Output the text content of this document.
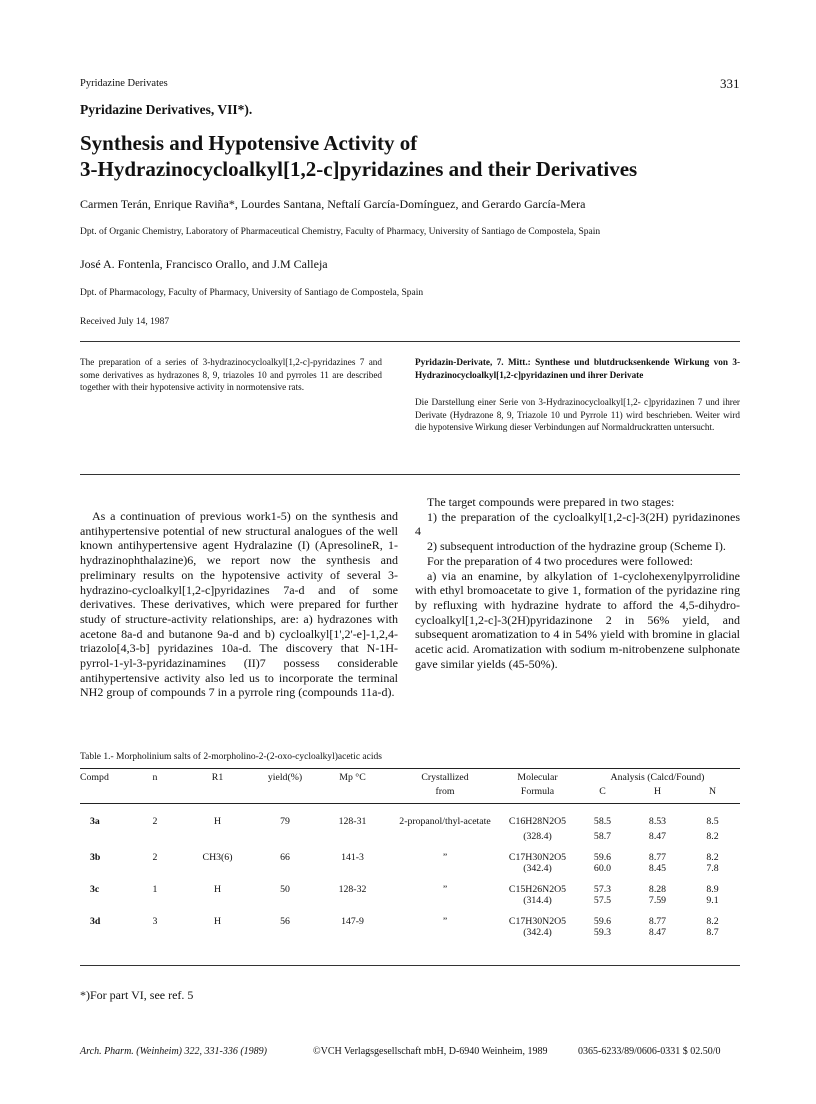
Pyridazine Derivates	331
Pyridazine Derivatives, VII*).
Synthesis and Hypotensive Activity of
3-Hydrazinocycloalkyl[1,2-c]pyridazines and their Derivatives
Carmen Terán, Enrique Raviña*, Lourdes Santana, Neftalí García-Domínguez, and Gerardo García-Mera
Dpt. of Organic Chemistry, Laboratory of Pharmaceutical Chemistry, Faculty of Pharmacy, University of Santiago de Compostela, Spain
José A. Fontenla, Francisco Orallo, and J.M Calleja
Dpt. of Pharmacology, Faculty of Pharmacy, University of Santiago de Compostela, Spain
Received July 14, 1987
The preparation of a series of 3-hydrazinocycloalkyl[1,2-c]-pyridazines 7 and some derivatives as hydrazones 8, 9, triazoles 10 and pyrroles 11 are described together with their hypotensive activity in normotensive rats.
Pyridazin-Derivate, 7. Mitt.: Synthese und blutdrucksenkende Wirkung von 3-Hydrazinocycloalkyl[1,2-c]pyridazinen und ihrer Derivate
Die Darstellung einer Serie von 3-Hydrazinocycloalkyl[1,2- c]pyridazinen 7 und ihrer Derivate (Hydrazone 8, 9, Triazole 10 und Pyrrole 11) wird beschrieben. Weiter wird die hypotensive Wirkung dieser Verbindungen auf Normaldruckratten untersucht.
As a continuation of previous work1-5) on the synthesis and antihypertensive potential of new structural analogues of the well known antihypertensive agent Hydralazine (I) (ApresolineR, 1-hydrazinophthalazine)6, we report now the synthesis and preliminary results on the hypotensive activity of several 3-hydrazino-cycloalkyl[1,2-c]pyridazines 7a-d and of some derivatives. These derivatives, which were prepared for further study of structure-activity relationships, are: a) hydrazones with acetone 8a-d and butanone 9a-d and b) cycloalkyl[1',2'-e]-1,2,4-triazolo[4,3-b] pyridazines 10a-d. The discovery that N-1H-pyrrol-1-yl-3-pyridazinamines (II)7 possess considerable antihypertensive activity also led us to incorporate the terminal NH2 group of compounds 7 in a pyrrole ring (compounds 11a-d).

The target compounds were prepared in two stages:

1) the preparation of the cycloalkyl[1,2-c]-3(2H) pyridazinones 4

2) subsequent introduction of the hydrazine group (Scheme I).

For the preparation of 4 two procedures were followed:

a) via an enamine, by alkylation of 1-cyclohexenylpyrrolidine with ethyl bromoacetate to give 1, formation of the pyridazine ring by refluxing with hydrazine hydrate to afford the 4,5-dihydro-cycloalkyl[1,2-c]-3(2H)pyridazinone 2 in 56% yield, and subsequent aromatization to 4 in 54% yield with bromine in glacial acetic acid. Aromatization with sodium m-nitrobenzene sulphonate gave similar yields (45-50%).

Table 1.- Morpholinium salts of 2-morpholino-2-(2-oxo-cycloalkyl)acetic acids
Compd	n	R1	yield(%)	Mp °C	Crystallized	Molecular	Analysis (Calcd/Found)		
					from	Formula	C	H	N
3a	2	H	79	128-31	2-propanol/thyl-acetate	C16H28N2O5	58.5	8.53	8.5
						(328.4)	58.7	8.47	8.2
3b	2	CH3(6)	66	141-3	”	C17H30N2O5	59.6	8.77	8.2
						(342.4)	60.0	8.45	7.8
3c	1	H	50	128-32	”	C15H26N2O5	57.3	8.28	8.9
						(314.4)	57.5	7.59	9.1
3d	3	H	56	147-9	”	C17H30N2O5	59.6	8.77	8.2
						(342.4)	59.3	8.47	8.7
*)For part VI, see ref. 5
Arch. Pharm. (Weinheim) 322, 331-336 (1989)	©VCH Verlagsgesellschaft mbH, D-6940 Weinheim, 1989	0365-6233/89/0606-0331 $ 02.50/0
